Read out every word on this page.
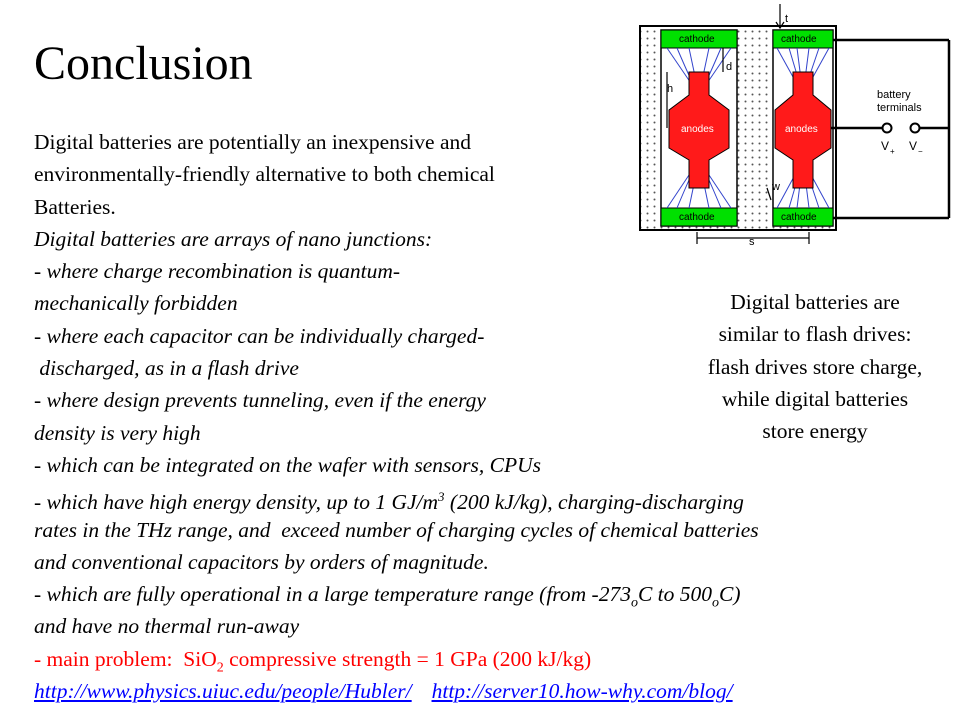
Conclusion
Digital batteries are potentially an inexpensive and
environmentally-friendly alternative to both chemical
Batteries.
Digital batteries are arrays of nano junctions:
- where charge recombination is quantum-
mechanically forbidden
- where each capacitor can be individually charged-
discharged, as in a flash drive
- where design prevents tunneling, even if the energy
density is very high
- which can be integrated on the wafer with sensors, CPUs
- which have high energy density, up to 1 $GJ/m^3$ (200 kJ/kg), charging-discharging
rates in the THz range, and  exceed number of charging cycles of chemical batteries
and conventional capacitors by orders of magnitude.
- which are fully operational in a large temperature range (from $-273_oC$ to $500_oC$)
and have no thermal run-away
- main problem:  SiO$_2$ compressive strength = 1 GPa (200 kJ/kg)
http://www.physics.uiuc.edu/people/Hubler/ http://server10.how-why.com/blog/
Digital batteries are
similar to flash drives:
flash drives store charge,
while digital batteries
store energy
cathode
cathode
anodes
cathode
cathode
anodes
t
d
h
w
s
battery
terminals
V + V −
